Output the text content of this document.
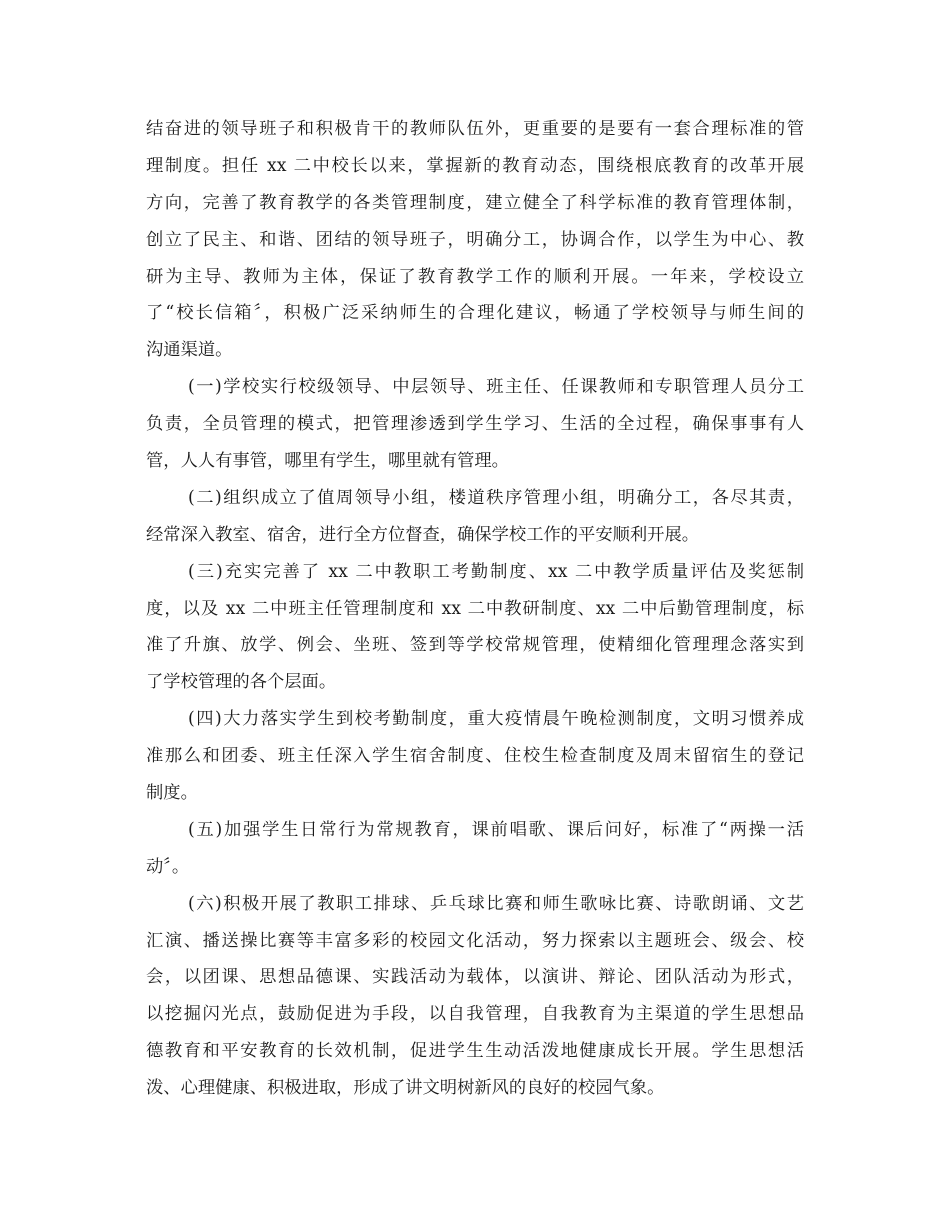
结奋进的领导班子和积极肯干的教师队伍外，更重要的是要有一套合理标准的管
理制度。担任 xx 二中校长以来，掌握新的教育动态，围绕根底教育的改革开展
方向，完善了教育教学的各类管理制度，建立健全了科学标准的教育管理体制，
创立了民主、和谐、团结的领导班子，明确分工，协调合作，以学生为中心、教
研为主导、教师为主体，保证了教育教学工作的顺利开展。一年来，学校设立
了“校长信箱〞，积极广泛采纳师生的合理化建议，畅通了学校领导与师生间的
沟通渠道。
(一)学校实行校级领导、中层领导、班主任、任课教师和专职管理人员分工
负责，全员管理的模式，把管理渗透到学生学习、生活的全过程，确保事事有人
管，人人有事管，哪里有学生，哪里就有管理。
(二)组织成立了值周领导小组，楼道秩序管理小组，明确分工，各尽其责，
经常深入教室、宿舍，进行全方位督查，确保学校工作的平安顺利开展。
(三)充实完善了 xx 二中教职工考勤制度、xx 二中教学质量评估及奖惩制
度，以及 xx 二中班主任管理制度和 xx 二中教研制度、xx 二中后勤管理制度，标
准了升旗、放学、例会、坐班、签到等学校常规管理，使精细化管理理念落实到
了学校管理的各个层面。
(四)大力落实学生到校考勤制度，重大疫情晨午晚检测制度，文明习惯养成
准那么和团委、班主任深入学生宿舍制度、住校生检查制度及周末留宿生的登记
制度。
(五)加强学生日常行为常规教育，课前唱歌、课后问好，标准了“两操一活
动〞。
(六)积极开展了教职工排球、乒乓球比赛和师生歌咏比赛、诗歌朗诵、文艺
汇演、播送操比赛等丰富多彩的校园文化活动，努力探索以主题班会、级会、校
会，以团课、思想品德课、实践活动为载体，以演讲、辩论、团队活动为形式，
以挖掘闪光点，鼓励促进为手段，以自我管理，自我教育为主渠道的学生思想品
德教育和平安教育的长效机制，促进学生生动活泼地健康成长开展。学生思想活
泼、心理健康、积极进取，形成了讲文明树新风的良好的校园气象。
